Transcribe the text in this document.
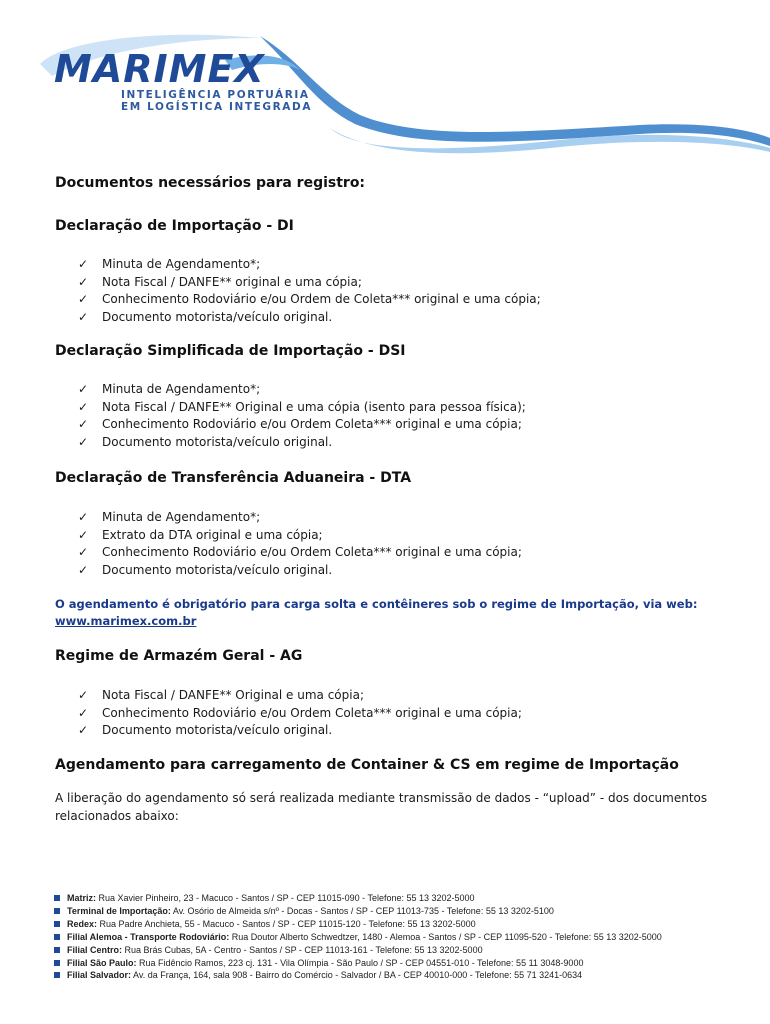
MARIMEX
INTELIGÊNCIA PORTUÁRIA
EM LOGÍSTICA INTEGRADA
Documentos necessários para registro:
Declaração de Importação - DI
✓ Minuta de Agendamento*;
✓ Nota Fiscal / DANFE** original e uma cópia;
✓ Conhecimento Rodoviário e/ou Ordem de Coleta*** original e uma cópia;
✓ Documento motorista/veículo original.
Declaração Simplificada de Importação - DSI
✓ Minuta de Agendamento*;
✓ Nota Fiscal / DANFE** Original e uma cópia (isento para pessoa física);
✓ Conhecimento Rodoviário e/ou Ordem Coleta*** original e uma cópia;
✓ Documento motorista/veículo original.
Declaração de Transferência Aduaneira - DTA
✓ Minuta de Agendamento*;
✓ Extrato da DTA original e uma cópia;
✓ Conhecimento Rodoviário e/ou Ordem Coleta*** original e uma cópia;
✓ Documento motorista/veículo original.
O agendamento é obrigatório para carga solta e contêineres sob o regime de Importação, via web:
www.marimex.com.br
Regime de Armazém Geral - AG
✓ Nota Fiscal / DANFE** Original e uma cópia;
✓ Conhecimento Rodoviário e/ou Ordem Coleta*** original e uma cópia;
✓ Documento motorista/veículo original.
Agendamento para carregamento de Container & CS em regime de Importação
A liberação do agendamento só será realizada mediante transmissão de dados - “upload” - dos documentos
relacionados abaixo:
Matriz: Rua Xavier Pinheiro, 23 - Macuco - Santos / SP - CEP 11015-090 - Telefone: 55 13 3202-5000
Terminal de Importação: Av. Osório de Almeida s/nº - Docas - Santos / SP - CEP 11013-735 - Telefone: 55 13 3202-5100
Redex: Rua Padre Anchieta, 55 - Macuco - Santos / SP - CEP 11015-120 - Telefone: 55 13 3202-5000
Filial Alemoa - Transporte Rodoviário: Rua Doutor Alberto Schwedtzer, 1480 - Alemoa - Santos / SP - CEP 11095-520 - Telefone: 55 13 3202-5000
Filial Centro: Rua Brás Cubas, 5A - Centro - Santos / SP - CEP 11013-161 - Telefone: 55 13 3202-5000
Filial São Paulo: Rua Fidêncio Ramos, 223 cj. 131 - Vila Olímpia - São Paulo / SP - CEP 04551-010 - Telefone: 55 11 3048-9000
Filial Salvador: Av. da França, 164, sala 908 - Bairro do Comércio - Salvador / BA - CEP 40010-000 - Telefone: 55 71 3241-0634
